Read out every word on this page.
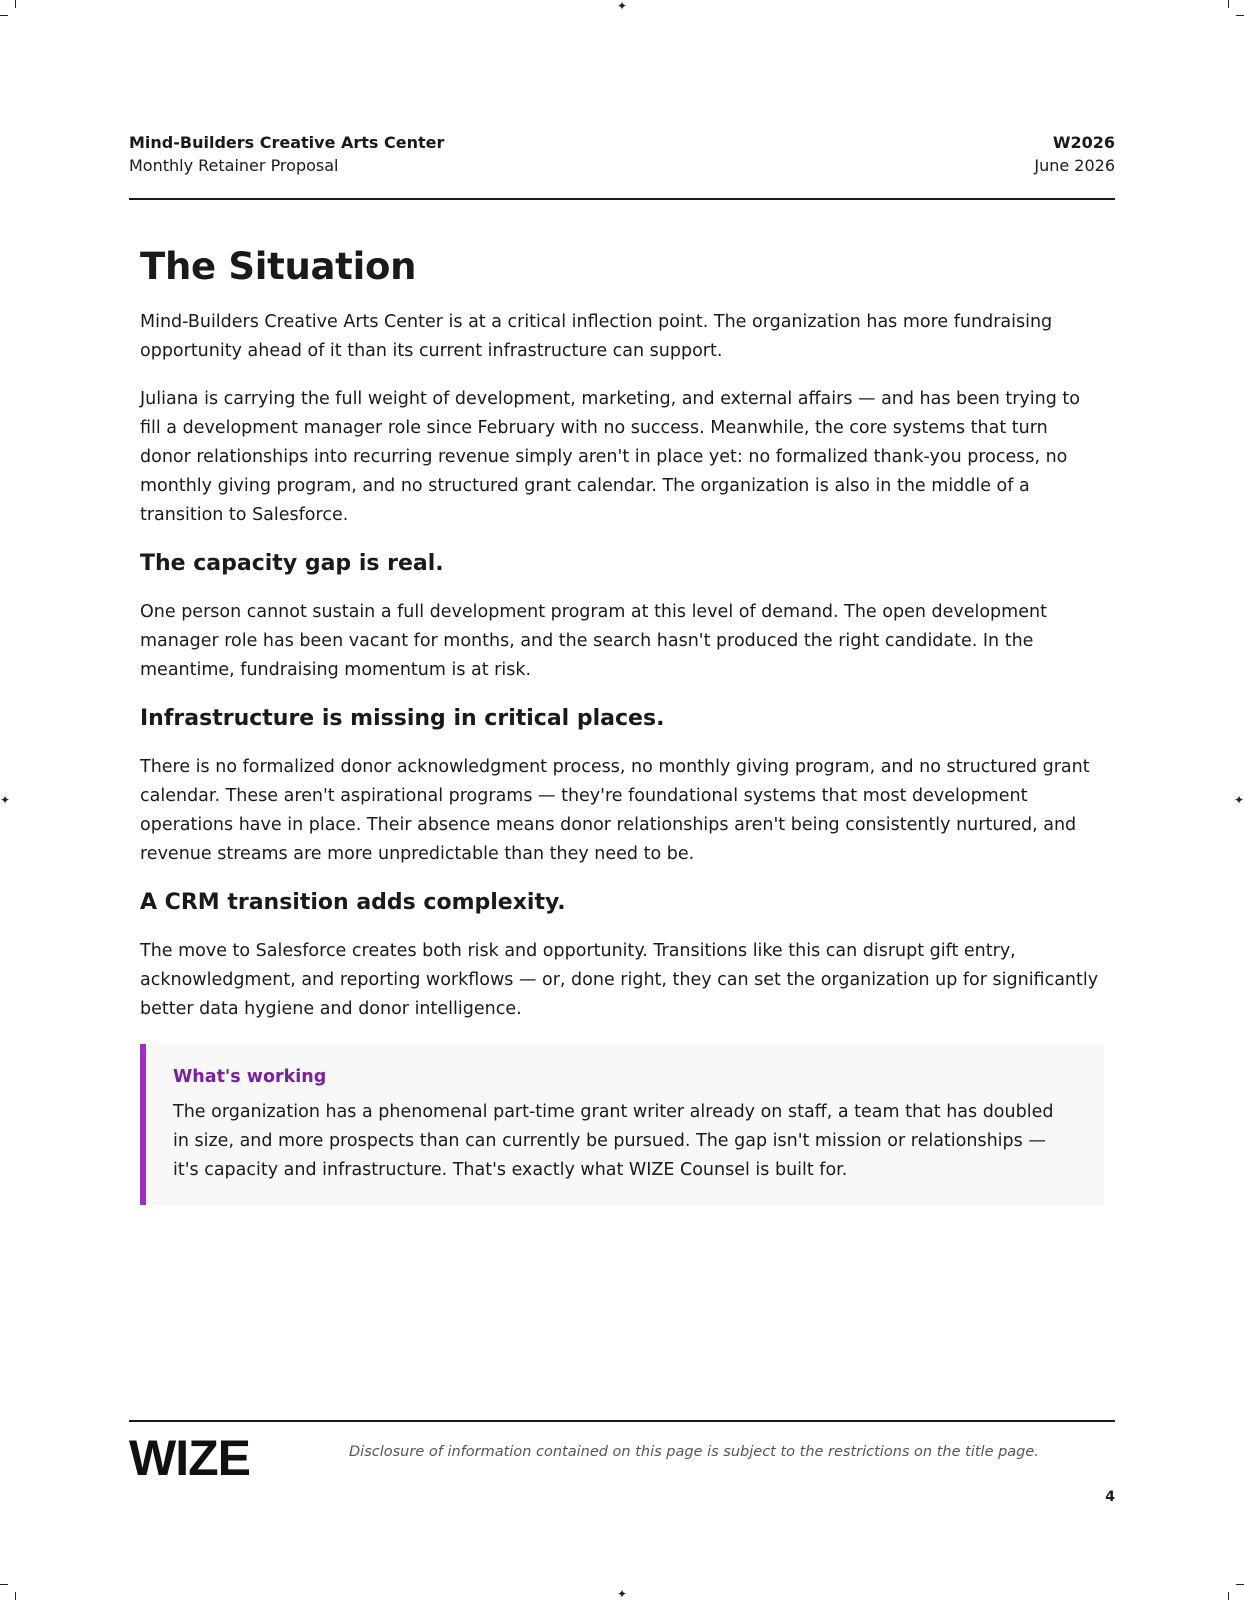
✦
✦
✦	✦
Mind-Builders Creative Arts Center
Monthly Retainer Proposal
W2026
June 2026
The Situation

Mind-Builders Creative Arts Center is at a critical inflection point. The organization has more fundraising opportunity ahead of it than its current infrastructure can support.

Juliana is carrying the full weight of development, marketing, and external affairs — and has been trying to fill a development manager role since February with no success. Meanwhile, the core systems that turn donor relationships into recurring revenue simply aren't in place yet: no formalized thank-you process, no monthly giving program, and no structured grant calendar. The organization is also in the middle of a transition to Salesforce.

The capacity gap is real.

One person cannot sustain a full development program at this level of demand. The open development manager role has been vacant for months, and the search hasn't produced the right candidate. In the meantime, fundraising momentum is at risk.

Infrastructure is missing in critical places.

There is no formalized donor acknowledgment process, no monthly giving program, and no structured grant calendar. These aren't aspirational programs — they're foundational systems that most development operations have in place. Their absence means donor relationships aren't being consistently nurtured, and revenue streams are more unpredictable than they need to be.

A CRM transition adds complexity.

The move to Salesforce creates both risk and opportunity. Transitions like this can disrupt gift entry, acknowledgment, and reporting workflows — or, done right, they can set the organization up for significantly better data hygiene and donor intelligence.

What's working

The organization has a phenomenal part-time grant writer already on staff, a team that has doubled in size, and more prospects than can currently be pursued. The gap isn't mission or relationships — it's capacity and infrastructure. That's exactly what WIZE Counsel is built for.

WIZE	Disclosure of information contained on this page is subject to the restrictions on the title page.
4
